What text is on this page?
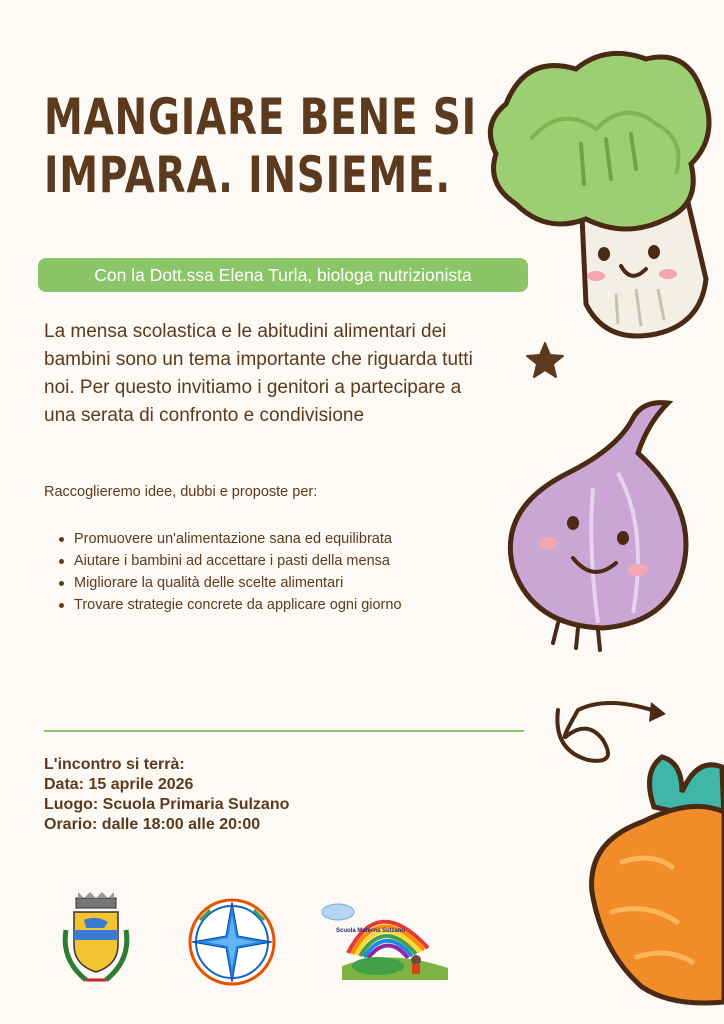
MANGIARE BENE SI
IMPARA. INSIEME.
Con la Dott.ssa Elena Turla, biologa nutrizionista

La mensa scolastica e le abitudini alimentari dei bambini sono un tema importante che riguarda tutti noi. Per questo invitiamo i genitori a partecipare a una serata di confronto e condivisione

Raccoglieremo idee, dubbi e proposte per:
Promuovere un'alimentazione sana ed equilibrata
Aiutare i bambini ad accettare i pasti della mensa
Migliorare la qualità delle scelte alimentari
Trovare strategie concrete da applicare ogni giorno
L'incontro si terrà:
Data: 15 aprile 2026
Luogo: Scuola Primaria Sulzano
Orario: dalle 18:00 alle 20:00
Scuola Materna Sulzano
